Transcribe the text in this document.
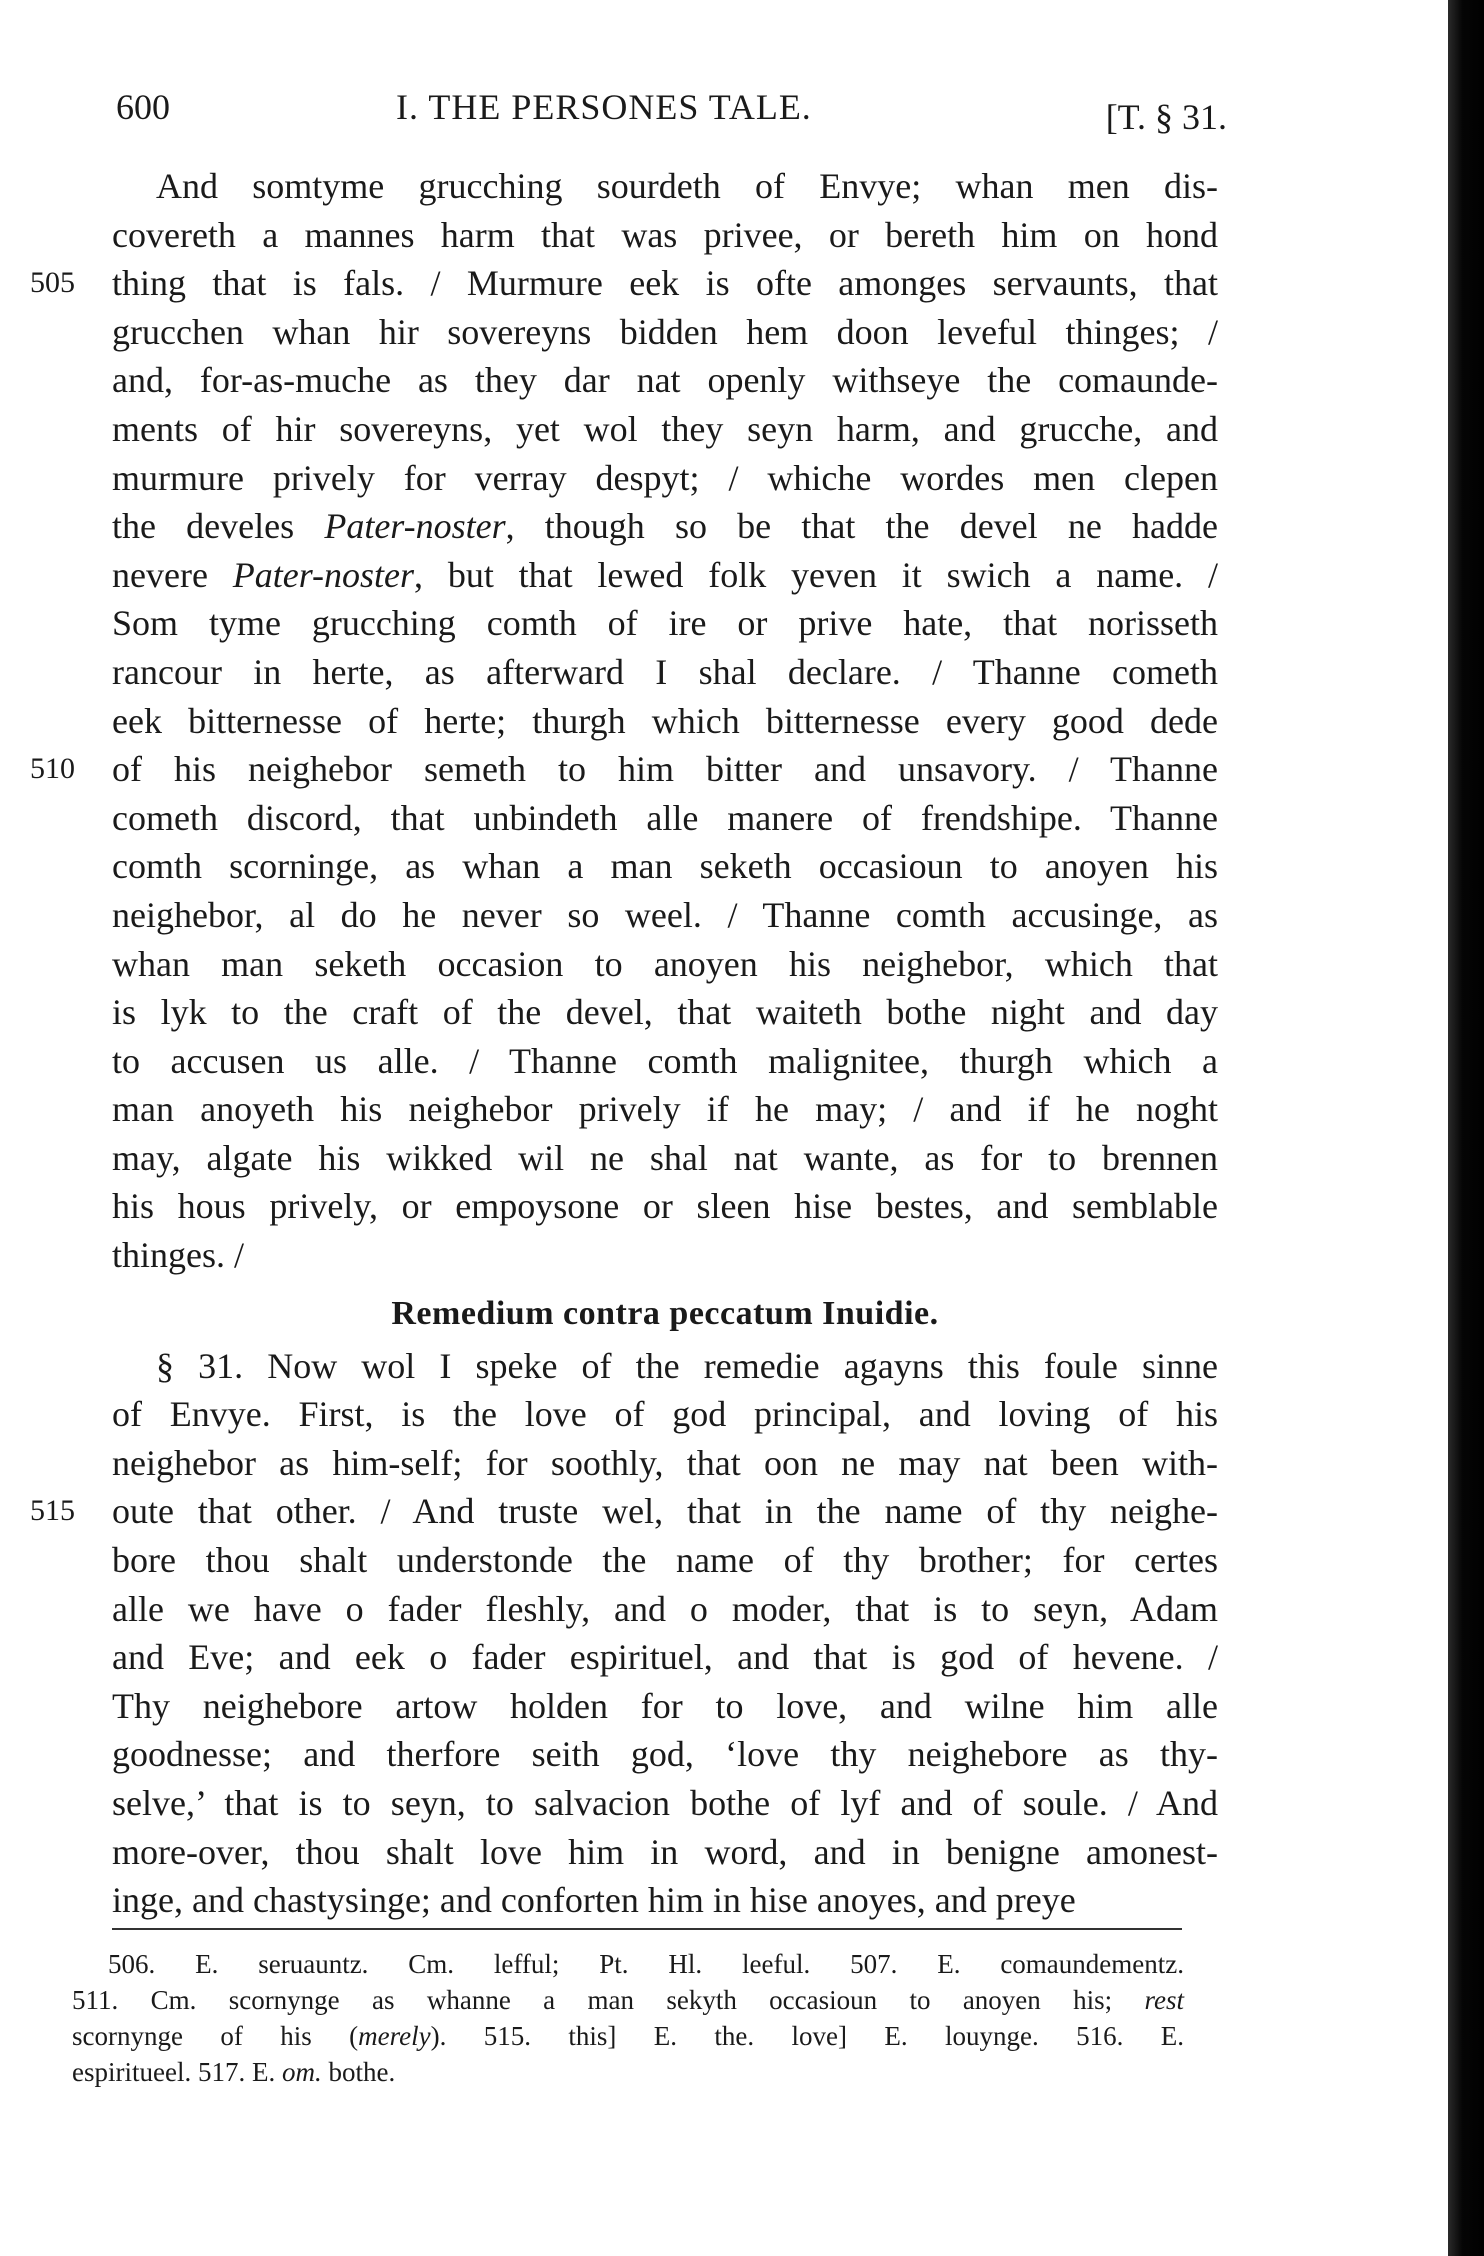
600	I. THE PERSONES TALE.	[T. § 31.
And somtyme grucching sourdeth of Envye; whan men dis-
covereth a mannes harm that was privee, or bereth him on hond
505 thing that is fals. / Murmure eek is ofte amonges servaunts, that
grucchen whan hir sovereyns bidden hem doon leveful thinges; /
and, for-as-muche as they dar nat openly withseye the comaunde-
ments of hir sovereyns, yet wol they seyn harm, and grucche, and
murmure prively for verray despyt; / whiche wordes men clepen
the develes Pater-noster, though so be that the devel ne hadde
nevere Pater-noster, but that lewed folk yeven it swich a name. /
Som tyme grucching comth of ire or prive hate, that norisseth
rancour in herte, as afterward I shal declare. / Thanne cometh
eek bitternesse of herte; thurgh which bitternesse every good dede
510 of his neighebor semeth to him bitter and unsavory. / Thanne
cometh discord, that unbindeth alle manere of frendshipe. Thanne
comth scorninge, as whan a man seketh occasioun to anoyen his
neighebor, al do he never so weel. / Thanne comth accusinge, as
whan man seketh occasion to anoyen his neighebor, which that
is lyk to the craft of the devel, that waiteth bothe night and day
to accusen us alle. / Thanne comth malignitee, thurgh which a
man anoyeth his neighebor prively if he may; / and if he noght
may, algate his wikked wil ne shal nat wante, as for to brennen
his hous prively, or empoysone or sleen hise bestes, and semblable
thinges. /
Remedium contra peccatum Inuidie.
§ 31. Now wol I speke of the remedie agayns this foule sinne
of Envye. First, is the love of god principal, and loving of his
neighebor as him-self; for soothly, that oon ne may nat been with-
515 oute that other. / And truste wel, that in the name of thy neighe-
bore thou shalt understonde the name of thy brother; for certes
alle we have o fader fleshly, and o moder, that is to seyn, Adam
and Eve; and eek o fader espirituel, and that is god of hevene. /
Thy neighebore artow holden for to love, and wilne him alle
goodnesse; and therfore seith god, ‘love thy neighebore as thy-
selve,’ that is to seyn, to salvacion bothe of lyf and of soule. / And
more-over, thou shalt love him in word, and in benigne amonest-
inge, and chastysinge; and conforten him in hise anoyes, and preye
506. E. seruauntz. Cm. lefful; Pt. Hl. leeful. 507. E. comaundementz.
511. Cm. scornynge as whanne a man sekyth occasioun to anoyen his; rest
scornynge of his (merely). 515. this] E. the. love] E. louynge. 516. E.
espiritueel. 517. E. om. bothe.
